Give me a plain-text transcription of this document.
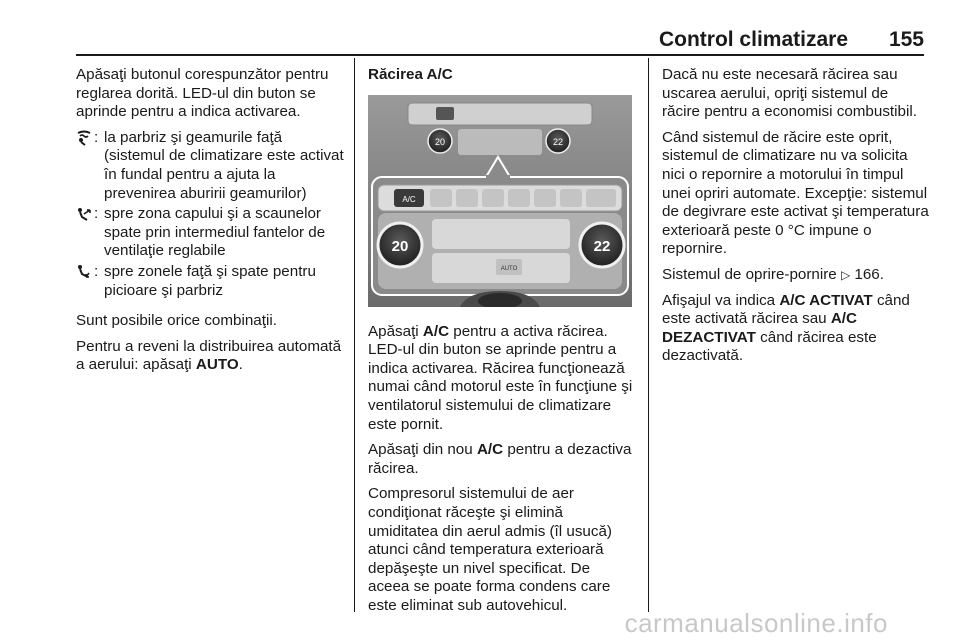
Control climatizare 155

Apăsaţi butonul corespunzător pentru reglarea dorită. LED-ul din buton se aprinde pentru a indica activarea.

: la parbriz şi geamurile faţă (sistemul de climatizare este activat în fundal pentru a ajuta la prevenirea aburirii geamurilor)
: spre zona capului şi a scaunelor spate prin intermediul fantelor de ventilaţie reglabile
: spre zonele faţă şi spate pentru picioare şi parbriz

Sunt posibile orice combinaţii.

Pentru a reveni la distribuirea automată a aerului: apăsaţi AUTO.

Răcirea A/C
20	22
A/C
20	22
AUTO

Apăsaţi A/C pentru a activa răcirea. LED-ul din buton se aprinde pentru a indica activarea. Răcirea funcţionează numai când motorul este în funcţiune şi ventilatorul sistemului de climatizare este pornit.

Apăsaţi din nou A/C pentru a dezactiva răcirea.

Compresorul sistemului de aer condiţionat răceşte şi elimină umiditatea din aerul admis (îl usucă) atunci când temperatura exterioară depăşeşte un nivel specificat. De aceea se poate forma condens care este eliminat sub autovehicul.

Dacă nu este necesară răcirea sau uscarea aerului, opriţi sistemul de răcire pentru a economisi combustibil.

Când sistemul de răcire este oprit, sistemul de climatizare nu va solicita nici o repornire a motorului în timpul unei opriri automate. Excepţie: sistemul de degivrare este activat şi temperatura exterioară peste 0 °C impune o repornire.

Sistemul de oprire-pornire ▷ 166.

Afişajul va indica A/C ACTIVAT când este activată răcirea sau A/C DEZACTIVAT când răcirea este dezactivată.

carmanualsonline.info
